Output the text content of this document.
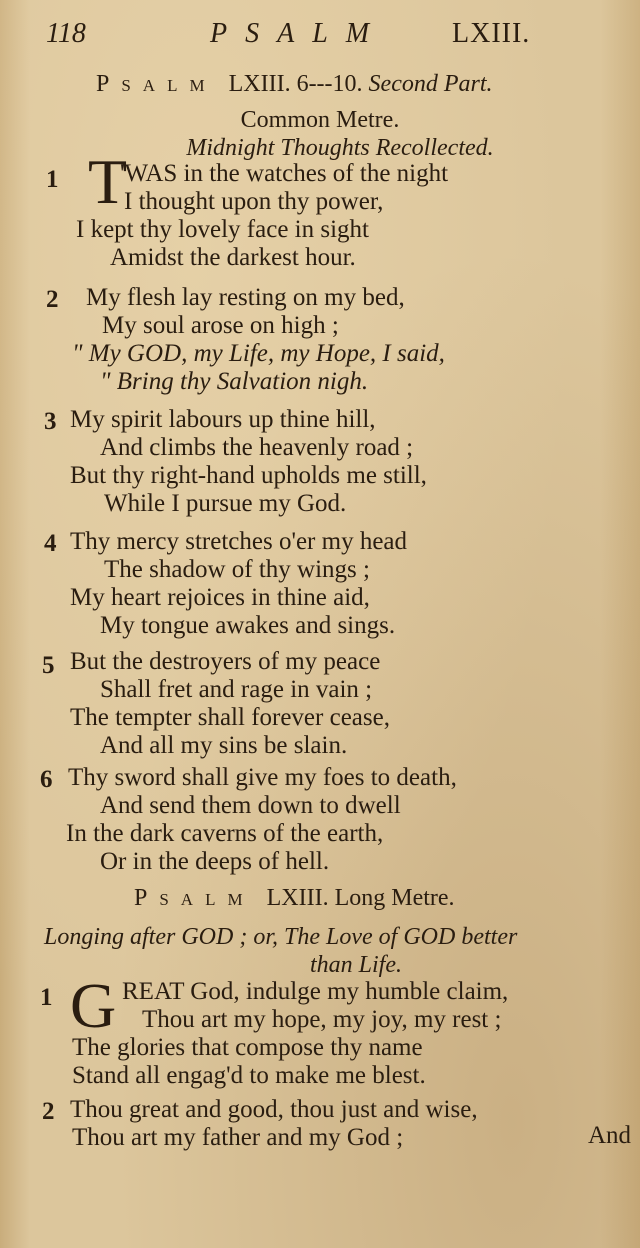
118	PSALM LXIII.
Psalm LXIII. 6---10. Second Part.
Common Metre.
Midnight Thoughts Recollected.
1 T
'WAS in the watches of the night
I thought upon thy power,
I kept thy lovely face in sight
Amidst the darkest hour.
2 My flesh lay resting on my bed,
My soul arose on high ;
" My GOD, my Life, my Hope, I said,
" Bring thy Salvation nigh.
3 My spirit labours up thine hill,
And climbs the heavenly road ;
But thy right-hand upholds me still,
While I pursue my God.
4 Thy mercy stretches o'er my head
The shadow of thy wings ;
My heart rejoices in thine aid,
My tongue awakes and sings.
5 But the destroyers of my peace
Shall fret and rage in vain ;
The tempter shall forever cease,
And all my sins be slain.
6 Thy sword shall give my foes to death,
And send them down to dwell
In the dark caverns of the earth,
Or in the deeps of hell.
Psalm LXIII. Long Metre.
Longing after GOD ; or, The Love of GOD better
than Life.
1 G REAT God, indulge my humble claim,
Thou art my hope, my joy, my rest ;
The glories that compose thy name
Stand all engag'd to make me blest.
2 Thou great and good, thou just and wise,
Thou art my father and my God ;	And
